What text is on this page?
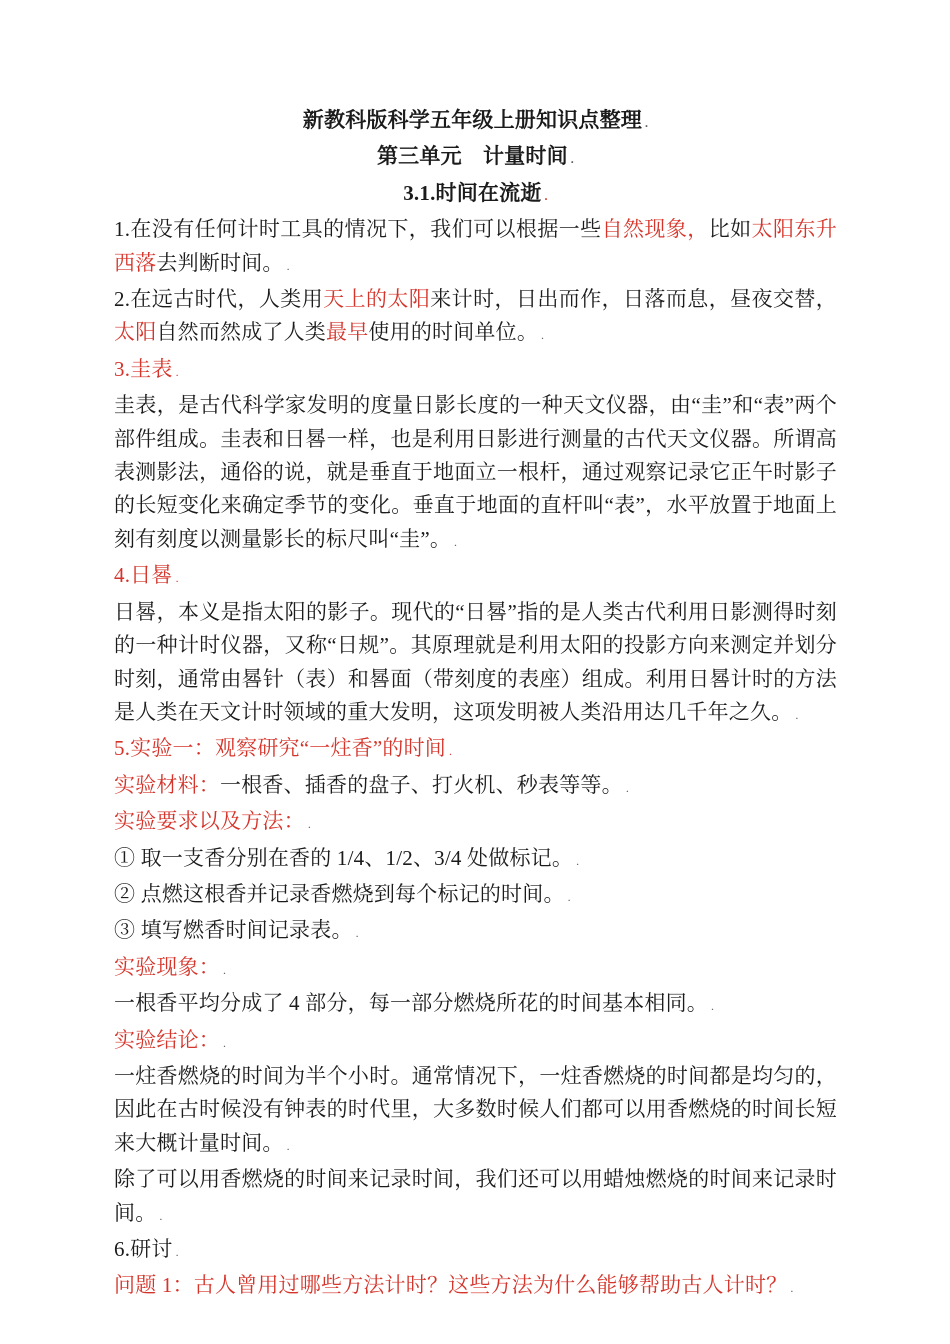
新教科版科学五年级上册知识点整理 .

第三单元　计量时间 .

3.1.时间在流逝 .

1.在没有任何计时工具的情况下，我们可以根据一些自然现象，比如太阳东升西落去判断时间。 .

2.在远古时代，人类用天上的太阳来计时，日出而作，日落而息，昼夜交替，太阳自然而然成了人类最早使用的时间单位。 .

3.圭表 .

圭表，是古代科学家发明的度量日影长度的一种天文仪器，由“圭”和“表”两个部件组成。圭表和日晷一样，也是利用日影进行测量的古代天文仪器。所谓高表测影法，通俗的说，就是垂直于地面立一根杆，通过观察记录它正午时影子的长短变化来确定季节的变化。垂直于地面的直杆叫“表”，水平放置于地面上刻有刻度以测量影长的标尺叫“圭”。 .

4.日晷 .

日晷，本义是指太阳的影子。现代的“日晷”指的是人类古代利用日影测得时刻的一种计时仪器，又称“日规”。其原理就是利用太阳的投影方向来测定并划分时刻，通常由晷针（表）和晷面（带刻度的表座）组成。利用日晷计时的方法是人类在天文计时领域的重大发明，这项发明被人类沿用达几千年之久。 .

5.实验一：观察研究“一炷香”的时间 .

实验材料：一根香、插香的盘子、打火机、秒表等等。 .

实验要求以及方法： .

① 取一支香分别在香的 1/4、1/2、3/4 处做标记。 .

② 点燃这根香并记录香燃烧到每个标记的时间。 .

③ 填写燃香时间记录表。 .

实验现象： .

一根香平均分成了 4 部分，每一部分燃烧所花的时间基本相同。 .

实验结论： .

一炷香燃烧的时间为半个小时。通常情况下，一炷香燃烧的时间都是均匀的，因此在古时候没有钟表的时代里，大多数时候人们都可以用香燃烧的时间长短来大概计量时间。 .

除了可以用香燃烧的时间来记录时间，我们还可以用蜡烛燃烧的时间来记录时间。 .

6.研讨 .

问题 1：古人曾用过哪些方法计时？这些方法为什么能够帮助古人计时？ .
